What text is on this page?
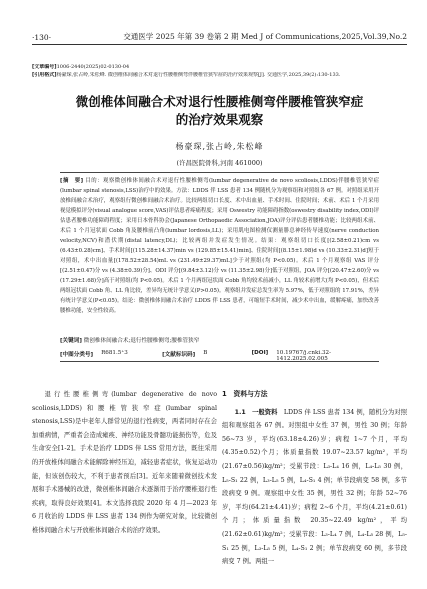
·130·	交通医学 2025 年第 39 卷第 2 期 Med J of Communications,2025,Vol.39,No.2
[文章编号]1006-2440(2025)02-0130-04
[引用格式]杨豪琛,张占岭,朱松峰. 微创椎体间融合术对退行性腰椎侧弯伴腰椎管狭窄症的治疗效果观察[J]. 交通医学,2025,39(2):130-133.
微创椎体间融合术对退行性腰椎侧弯伴腰椎管狭窄症
的治疗效果观察
杨豪琛,张占岭,朱松峰
(许昌医院骨科,河南 461000)
[摘　要] 目的：观察微创椎体间融合术对退行性腰椎侧弯(lumbar degenerative de novo scoliosis,LDDS)伴腰椎管狭窄症(lumbar spinal stenosis,LSS)治疗中的效果。方法：LDDS 伴 LSS 患者 134 例随机分为观察组和对照组各 67 例。对照组采用开放椎间融合术治疗，观察组行微创椎间融合术治疗。比较两组切口长度、术中出血量、手术时间、住院时间；术前、术后 1 个月采用视觉模拟评分(visual analogue score,VAS)评估患者疼痛程度；采用 Oswestry 功能障碍指数(oswestry disability index,ODI)评估患者腰椎功能障碍程度；采用日本骨科协会(Japanese Orthopaedic Association,JOA)评分评估患者腰椎功能；比较两组术前、术后 1 个月冠状面 Cobb 角及腰椎前凸角(lumbar lordosis,LL)；采用肌电图检测仪测量腓总神经传导速度(nerve conduction velocity,NCV)和潜伏期(distal latency,DL)；比较两组并发症发生情况。结果：观察组切口长度[(2.58±0.21)cm vs (6.43±0.28)cm]、手术时间[(115.28±14.37)min vs (129.85±15.41)min]、住院时间[(8.15±1.98)d vs (10.33±2.31)d]短于对照组，术中出血量[(178.52±28.54)mL vs (231.49±29.37)mL]少于对照组(均 P<0.05)。术后 1 个月观察组 VAS 评分[(2.51±0.47)分 vs (4.38±0.39)分]、ODI 评分[(9.84±3.12)分 vs (11.35±2.98)分]低于对照组，JOA 评分[(20.47±2.60)分 vs (17.29±1.68)分]高于对照组(均 P<0.05)。术后 1 个月两组冠状面 Cobb 角均较术前减小，LL 角较术前增大(均 P<0.05)，但术后两组冠状面 Cobb 角、LL 角比较，差异均无统计学意义(P>0.05)。观察组并发症总发生率为 5.97%，低于对照组的 17.91%，差异有统计学意义(P<0.05)。结论：微创椎体间融合术治疗 LDDS 伴 LSS 患者，可缩短手术时间，减少术中出血，缓解疼痛，加快改善腰椎功能，安全性较高。
[关键词] 微创椎体间融合术;退行性腰椎侧弯;腰椎管狭窄
[中图分类号] R681.5⁺3	[文献标识码] B	[DOI] 10.19767/j.cnki.32-1412.2025.02.005

退行性腰椎侧弯(lumbar degenerative de novo scoliosis,LDDS)和腰椎管狭窄症(lumbar spinal stenosis,LSS)是中老年人群常见的退行性病变，两者同时存在会加重病情，严重者会造成瘫痪、神经功能及骨髓功能损伤等，危及生命安全[1-2]。手术是治疗 LDDS 伴 LSS 常用方法，既往采用的开放椎体间融合术能解除神经压迫，减轻患者症状，恢复运动功能，但该创伤较大，不利于患者预后[3]。近年来随着微创技术发展和手术器械的改进，微创椎体间融合术逐渐用于治疗腰椎退行性疾病，取得良好效果[4]。本文选择我院 2020 年 4 月—2023 年 6 月收治的 LDDS 伴 LSS 患者 134 例作为研究对象，比较微创椎体间融合术与开放椎体间融合术的治疗效果。

1　资料与方法

1.1　一般资料　 LDDS 伴 LSS 患者 134 例，随机分为对照组和观察组各 67 例。对照组中女性 37 例，男性 30 例；年龄 56~73 岁，平均(63.18±4.26)岁；病程 1~7 个月，平均(4.35±0.52)个月；体质量指数 19.07~23.57 kg/m²，平均(21.67±0.56)kg/m²；受累节段：L₃-L₄ 16 例，L₄-L₅ 30 例，L₅-S₁ 22 例，L₃-L₅ 5 例，L₄-S₁ 4 例；单节段病变 58 例，多节段病变 9 例。观察组中女性 35 例，男性 32 例；年龄 52~76 岁，平均(64.21±4.41)岁；病程 2~6 个月，平均(4.21±0.61)个月；体质量指数 20.35~22.49 kg/m²，平均(21.62±0.61)kg/m²；受累节段：L₃-L₄ 7 例，L₄-L₅ 28 例，L₅-S₁ 25 例，L₃-L₅ 5 例，L₄-S₁ 2 例；单节段病变 60 例，多节段病变 7 例。两组一
